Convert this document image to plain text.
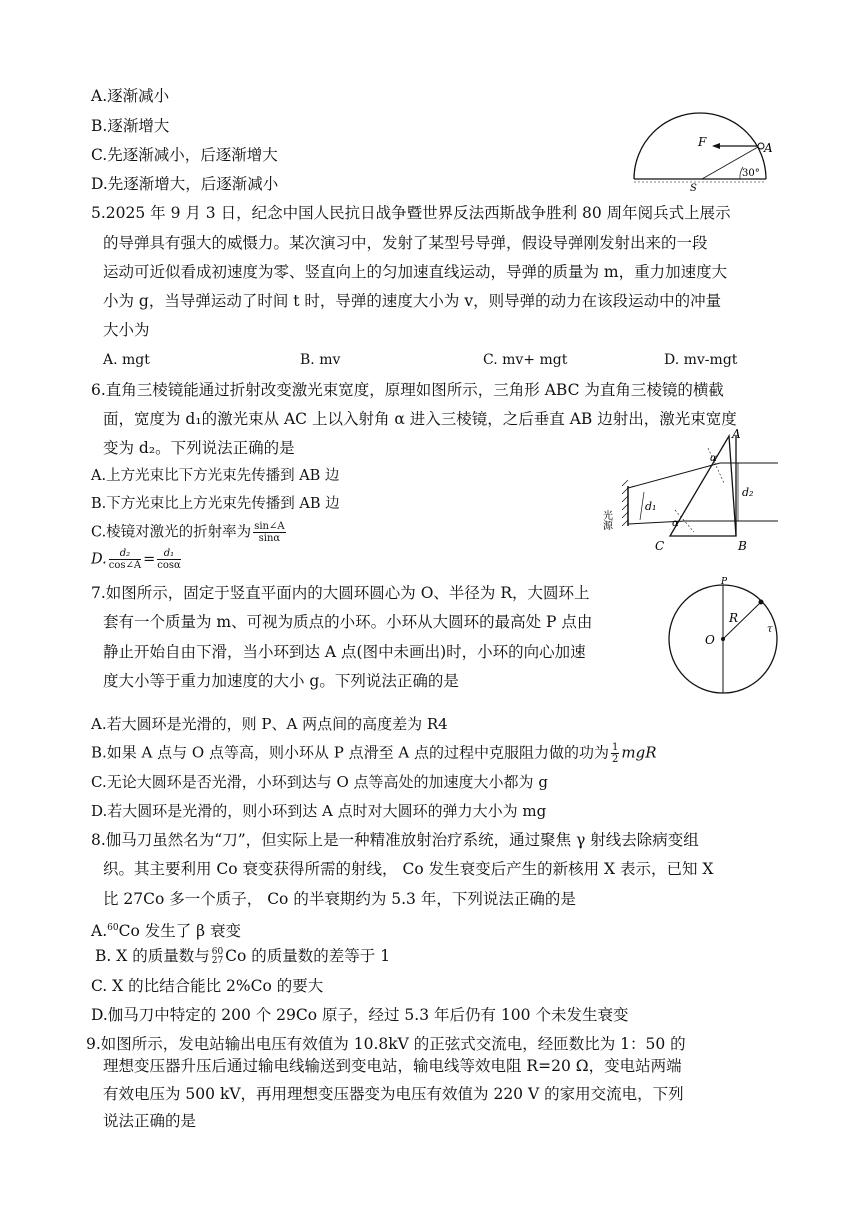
A.逐渐减小
B.逐渐增大
C.先逐渐减小，后逐渐增大
D.先逐渐增大，后逐渐减小
F	A
30°
S
5.2025 年 9 月 3 日，纪念中国人民抗日战争暨世界反法西斯战争胜利 80 周年阅兵式上展示
的导弹具有强大的威慑力。某次演习中，发射了某型号导弹，假设导弹刚发射出来的一段
运动可近似看成初速度为零、竖直向上的匀加速直线运动，导弹的质量为 m，重力加速度大
小为 g，当导弹运动了时间 t 时，导弹的速度大小为 v，则导弹的动力在该段运动中的冲量
大小为
A. mgt	B. mv	C. mv+ mgt	D. mv-mgt
6.直角三棱镜能通过折射改变激光束宽度，原理如图所示，三角形 ABC 为直角三棱镜的横截
面，宽度为 d₁的激光束从 AC 上以入射角 α 进入三棱镜，之后垂直 AB 边射出，激光束宽度
变为 d₂。下列说法正确的是
A.上方光束比下方光束先传播到 AB 边
B.下方光束比上方光束先传播到 AB 边
C.棱镜对激光的折射率为 $\frac{\sin\angle A}{\sin\alpha}$
D. $\frac{\text{d₂}}{\cos\angle A} = \frac{\text{d₁}}{\cos\alpha}$
A
B
C
α
α
d₁
d₂
光源
7.如图所示，固定于竖直平面内的大圆环圆心为 O、半径为 R，大圆环上
套有一个质量为 m、可视为质点的小环。小环从大圆环的最高处 P 点由
静止开始自由下滑，当小环到达 A 点(图中未画出)时，小环的向心加速
度大小等于重力加速度的大小 g。下列说法正确的是
P
O
R
τ
A.若大圆环是光滑的，则 P、A 两点间的高度差为 R4
B.如果 A 点与 O 点等高，则小环从 P 点滑至 A 点的过程中克服阻力做的功为 $\frac{1}{2}$ mgR
C.无论大圆环是否光滑，小环到达与 O 点等高处的加速度大小都为 g
D.若大圆环是光滑的，则小环到达 A 点时对大圆环的弹力大小为 mg
8.伽马刀虽然名为“刀”，但实际上是一种精准放射治疗系统，通过聚焦 γ 射线去除病变组
织。其主要利用 Co 衰变获得所需的射线， Co 发生衰变后产生的新核用 X 表示，已知 X
比 27Co 多一个质子， Co 的半衰期约为 5.3 年，下列说法正确的是
A.$^{60}$Co 发生了 β 衰变
B. X 的质量数与 60
27 Co 的质量数的差等于 1
C. X 的比结合能比 2%Co 的要大
D.伽马刀中特定的 200 个 29Co 原子，经过 5.3 年后仍有 100 个未发生衰变
9.如图所示，发电站输出电压有效值为 10.8kV 的正弦式交流电，经匝数比为 1：50 的
理想变压器升压后通过输电线输送到变电站，输电线等效电阻 R=20 Ω，变电站两端
有效电压为 500 kV，再用理想变压器变为电压有效值为 220 V 的家用交流电，下列
说法正确的是
